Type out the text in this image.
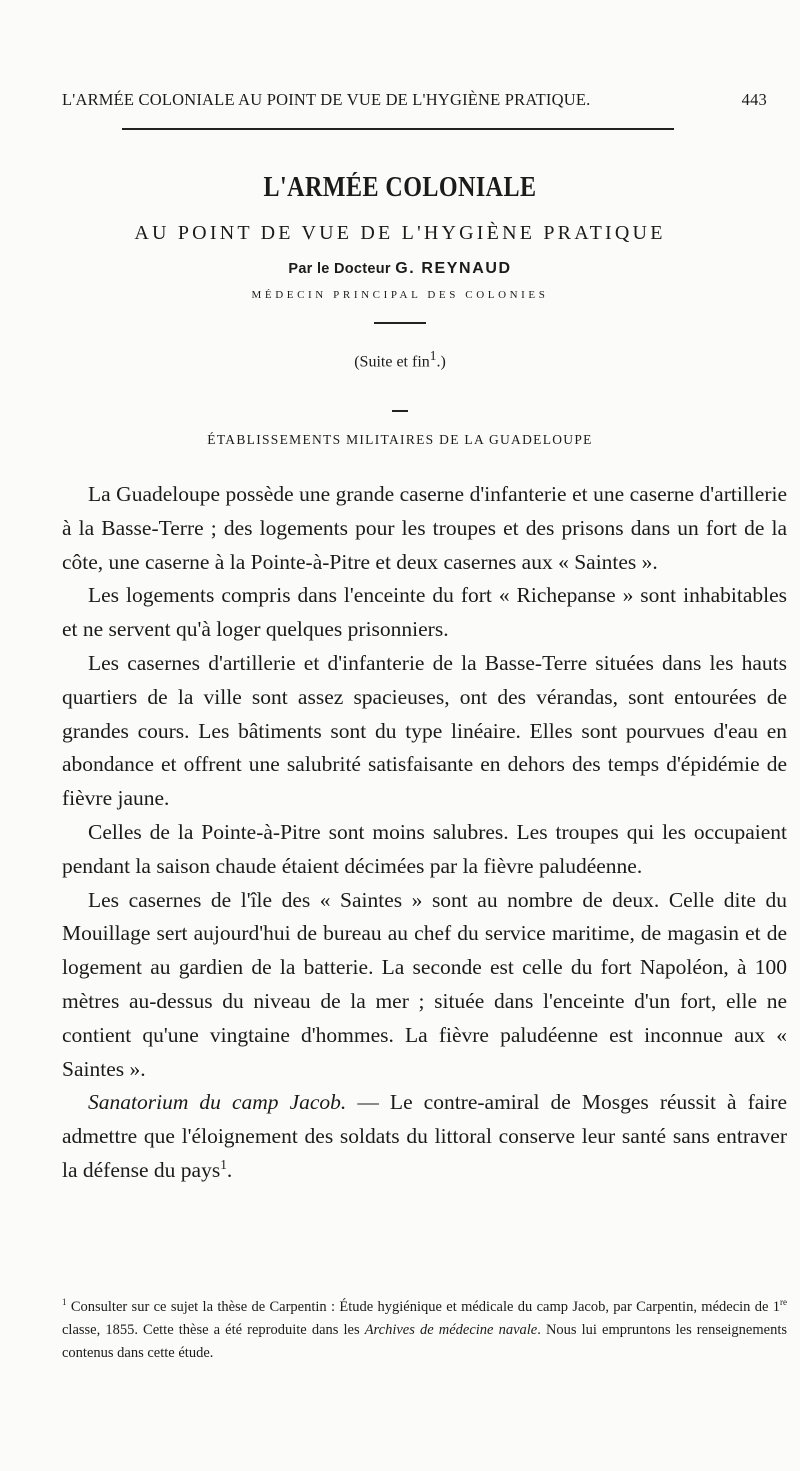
L'ARMÉE COLONIALE AU POINT DE VUE DE L'HYGIÈNE PRATIQUE.	443
L'ARMÉE COLONIALE
AU POINT DE VUE DE L'HYGIÈNE PRATIQUE
Par le Docteur G. REYNAUD
MÉDECIN PRINCIPAL DES COLONIES
(Suite et fin$^1$.)
ÉTABLISSEMENTS MILITAIRES DE LA GUADELOUPE

La Guadeloupe possède une grande caserne d'infanterie et une caserne d'artillerie à la Basse-Terre ; des logements pour les troupes et des prisons dans un fort de la côte, une caserne à la Pointe-à-Pitre et deux casernes aux « Saintes ».

Les logements compris dans l'enceinte du fort « Richepanse » sont inhabitables et ne servent qu'à loger quelques prisonniers.

Les casernes d'artillerie et d'infanterie de la Basse-Terre situées dans les hauts quartiers de la ville sont assez spacieuses, ont des vérandas, sont entourées de grandes cours. Les bâtiments sont du type linéaire. Elles sont pourvues d'eau en abondance et offrent une salubrité satisfaisante en dehors des temps d'épidémie de fièvre jaune.

Celles de la Pointe-à-Pitre sont moins salubres. Les troupes qui les occupaient pendant la saison chaude étaient décimées par la fièvre paludéenne.

Les casernes de l'île des « Saintes » sont au nombre de deux. Celle dite du Mouillage sert aujourd'hui de bureau au chef du service maritime, de magasin et de logement au gardien de la batterie. La seconde est celle du fort Napoléon, à 100 mètres au-dessus du niveau de la mer ; située dans l'enceinte d'un fort, elle ne contient qu'une vingtaine d'hommes. La fièvre paludéenne est inconnue aux « Saintes ».

Sanatorium du camp Jacob. — Le contre-amiral de Mosges réussit à faire admettre que l'éloignement des soldats du littoral conserve leur santé sans entraver la défense du pays$^1$.

$^1$ Consulter sur ce sujet la thèse de Carpentin : Étude hygiénique et médicale du camp Jacob, par Carpentin, médecin de 1re classe, 1855. Cette thèse a été reproduite dans les Archives de médecine navale. Nous lui empruntons les renseignements contenus dans cette étude.
